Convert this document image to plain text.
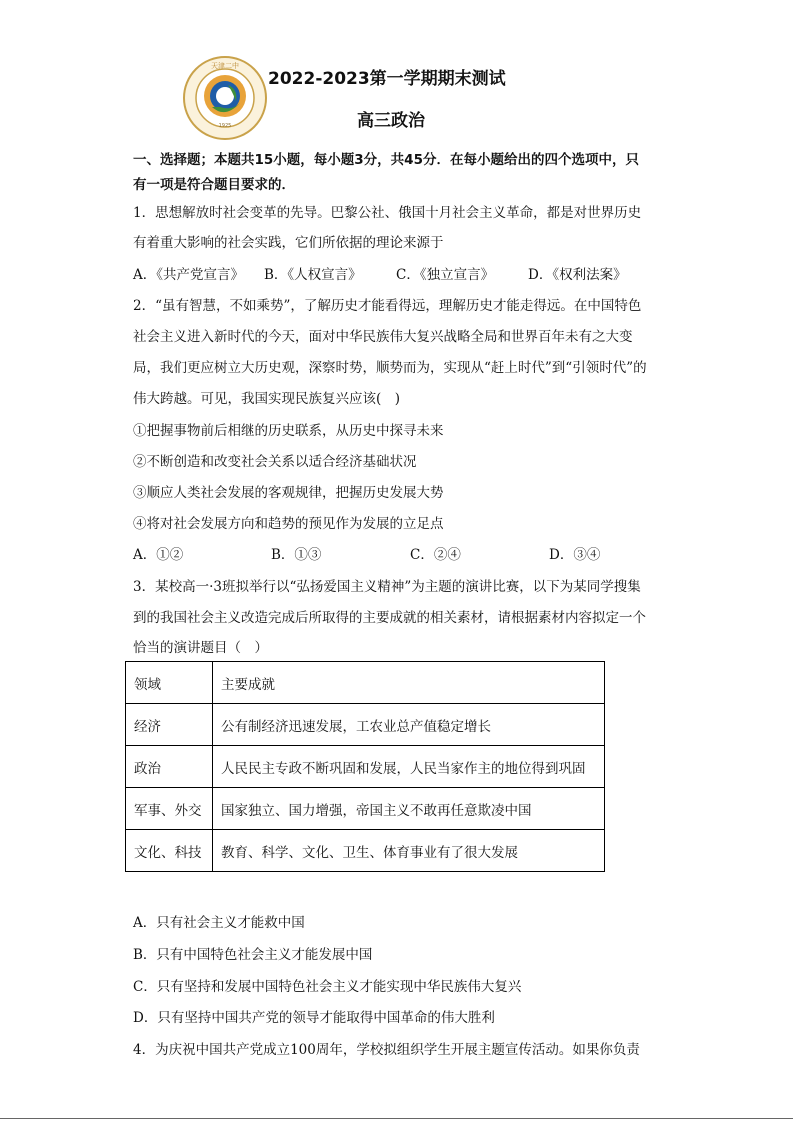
天津二中
1925
2022-2023第一学期期末测试
高三政治
一、选择题；本题共15小题，每小题3分，共45分．在每小题给出的四个选项中，只
有一项是符合题目要求的．
1．思想解放时社会变革的先导。巴黎公社、俄国十月社会主义革命，都是对世界历史
有着重大影响的社会实践，它们所依据的理论来源于
A．《共产党宣言》 B．《人权宣言》	C．《独立宣言》	D．《权利法案》
2．“虽有智慧，不如乘势”，了解历史才能看得远，理解历史才能走得远。在中国特色
社会主义进入新时代的今天，面对中华民族伟大复兴战略全局和世界百年未有之大变
局，我们更应树立大历史观，深察时势，顺势而为，实现从“赶上时代”到“引领时代”的
伟大跨越。可见，我国实现民族复兴应该(　)
①把握事物前后相继的历史联系，从历史中探寻未来
②不断创造和改变社会关系以适合经济基础状况
③顺应人类社会发展的客观规律，把握历史发展大势
④将对社会发展方向和趋势的预见作为发展的立足点
A．①②	B．①③	C．②④	D．③④
3．某校高一·3班拟举行以“弘扬爱国主义精神”为主题的演讲比赛，以下为某同学搜集
到的我国社会主义改造完成后所取得的主要成就的相关素材，请根据素材内容拟定一个
恰当的演讲题目（　）
领域	主要成就
经济	公有制经济迅速发展，工农业总产值稳定增长
政治	人民民主专政不断巩固和发展，人民当家作主的地位得到巩固
军事、外交	国家独立、国力增强，帝国主义不敢再任意欺凌中国
文化、科技	教育、科学、文化、卫生、体育事业有了很大发展
A．只有社会主义才能救中国
B．只有中国特色社会主义才能发展中国
C．只有坚持和发展中国特色社会主义才能实现中华民族伟大复兴
D．只有坚持中国共产党的领导才能取得中国革命的伟大胜利
4．为庆祝中国共产党成立100周年，学校拟组织学生开展主题宣传活动。如果你负责
